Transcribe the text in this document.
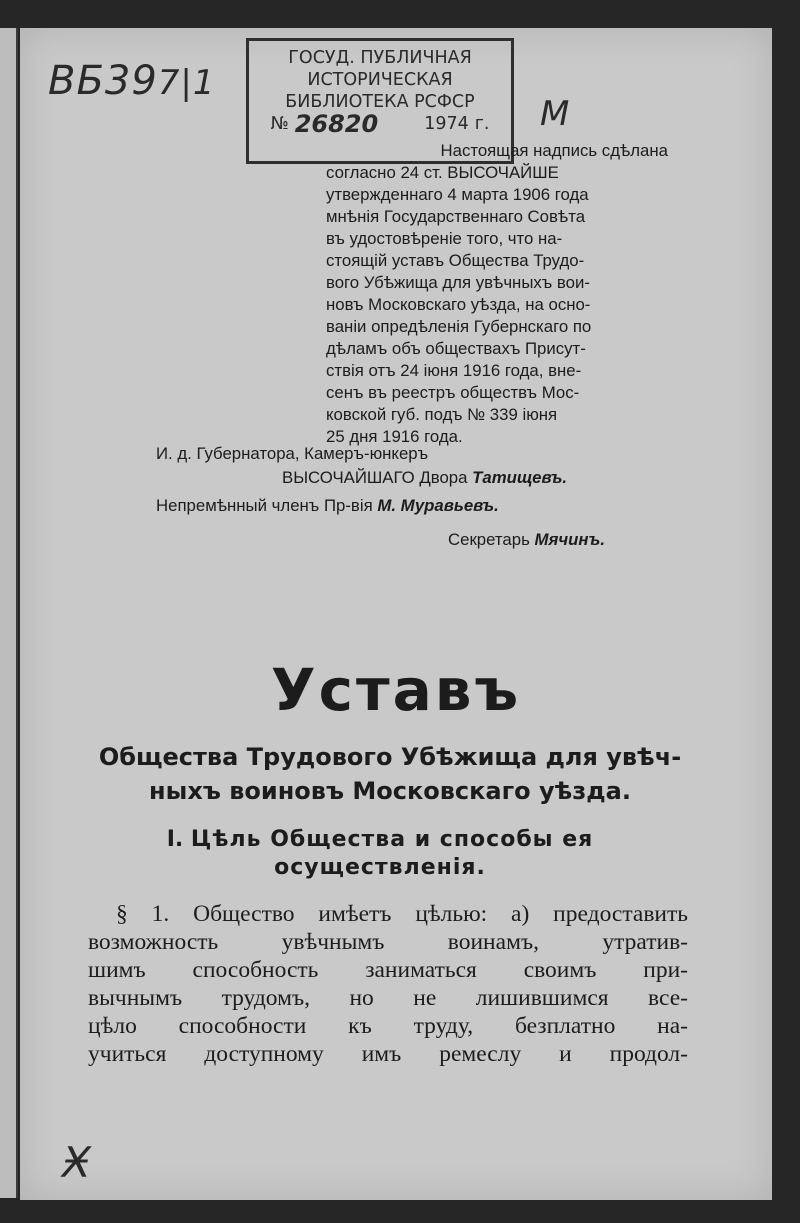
ВБ397|1
М
Ӿ
ГОСУД. ПУБЛИЧНАЯ
ИСТОРИЧЕСКАЯ
БИБЛИОТЕКА РСФСР
№ 26820	1974 г.
Настоящая надпись сдѣлана
согласно 24 ст. ВЫСОЧАЙШЕ
утвержденнаго 4 марта 1906 года
мнѣнія Государственнаго Совѣта
въ удостовѣреніе того, что на-
стоящій уставъ Общества Трудо-
вого Убѣжища для увѣчныхъ вои-
новъ Московскаго уѣзда, на осно-
ваніи опредѣленія Губернскаго по
дѣламъ объ обществахъ Присут-
ствія отъ 24 іюня 1916 года, вне-
сенъ въ реестръ обществъ Мос-
ковской губ. подъ № 339 іюня
25 дня 1916 года.
И. д. Губернатора, Камеръ-юнкеръ
ВЫСОЧАЙШАГО Двора Татищевъ.
Непремѣнный членъ Пр-вія М. Муравьевъ.
Секретарь Мячинъ.
Уставъ
Общества Трудового Убѣжища для увѣч-
ныхъ воиновъ Московскаго уѣзда.
I. Цѣль Общества и способы ея
осуществленія.
§ 1. Общество имѣетъ цѣлью: а) предоставить
возможность увѣчнымъ воинамъ, утратив-
шимъ способность заниматься своимъ при-
вычнымъ трудомъ, но не лишившимся все-
цѣло способности къ труду, безплатно на-
учиться доступному имъ ремеслу и продол-
